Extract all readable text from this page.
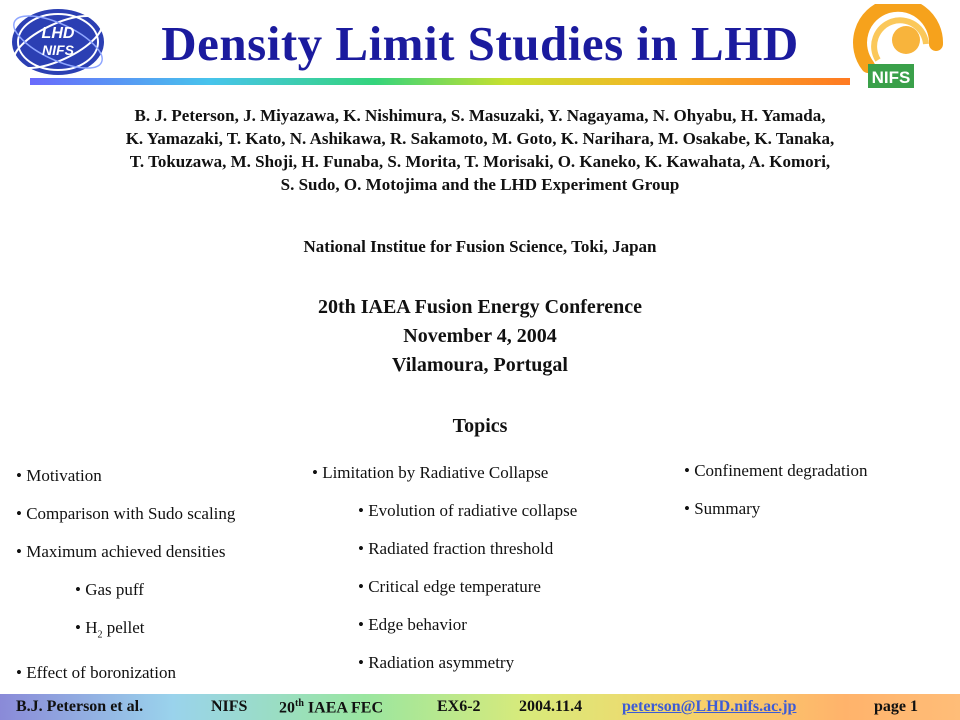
LHD
NIFS
NIFS
Density Limit Studies in LHD

B. J. Peterson, J. Miyazawa, K. Nishimura, S. Masuzaki, Y. Nagayama, N. Ohyabu, H. Yamada,
K. Yamazaki, T. Kato, N. Ashikawa, R. Sakamoto, M. Goto, K. Narihara, M. Osakabe, K. Tanaka,
T. Tokuzawa, M. Shoji, H. Funaba, S. Morita, T. Morisaki, O. Kaneko, K. Kawahata, A. Komori,
S. Sudo, O. Motojima and the LHD Experiment Group

National Institue for Fusion Science, Toki, Japan

20th IAEA Fusion Energy Conference
November 4, 2004
Vilamoura, Portugal
Topics
• Motivation
• Comparison with Sudo scaling
• Maximum achieved densities
• Gas puff
• $H_2$ pellet
• Effect of boronization
• Limitation by Radiative Collapse
• Evolution of radiative collapse
• Radiated fraction threshold
• Critical edge temperature
• Edge behavior
• Radiation asymmetry
• Confinement degradation
• Summary
B.J. Peterson et al.	NIFS 20th IAEA FEC	EX6-2 2004.11.4 peterson@LHD.nifs.ac.jp	page 1
